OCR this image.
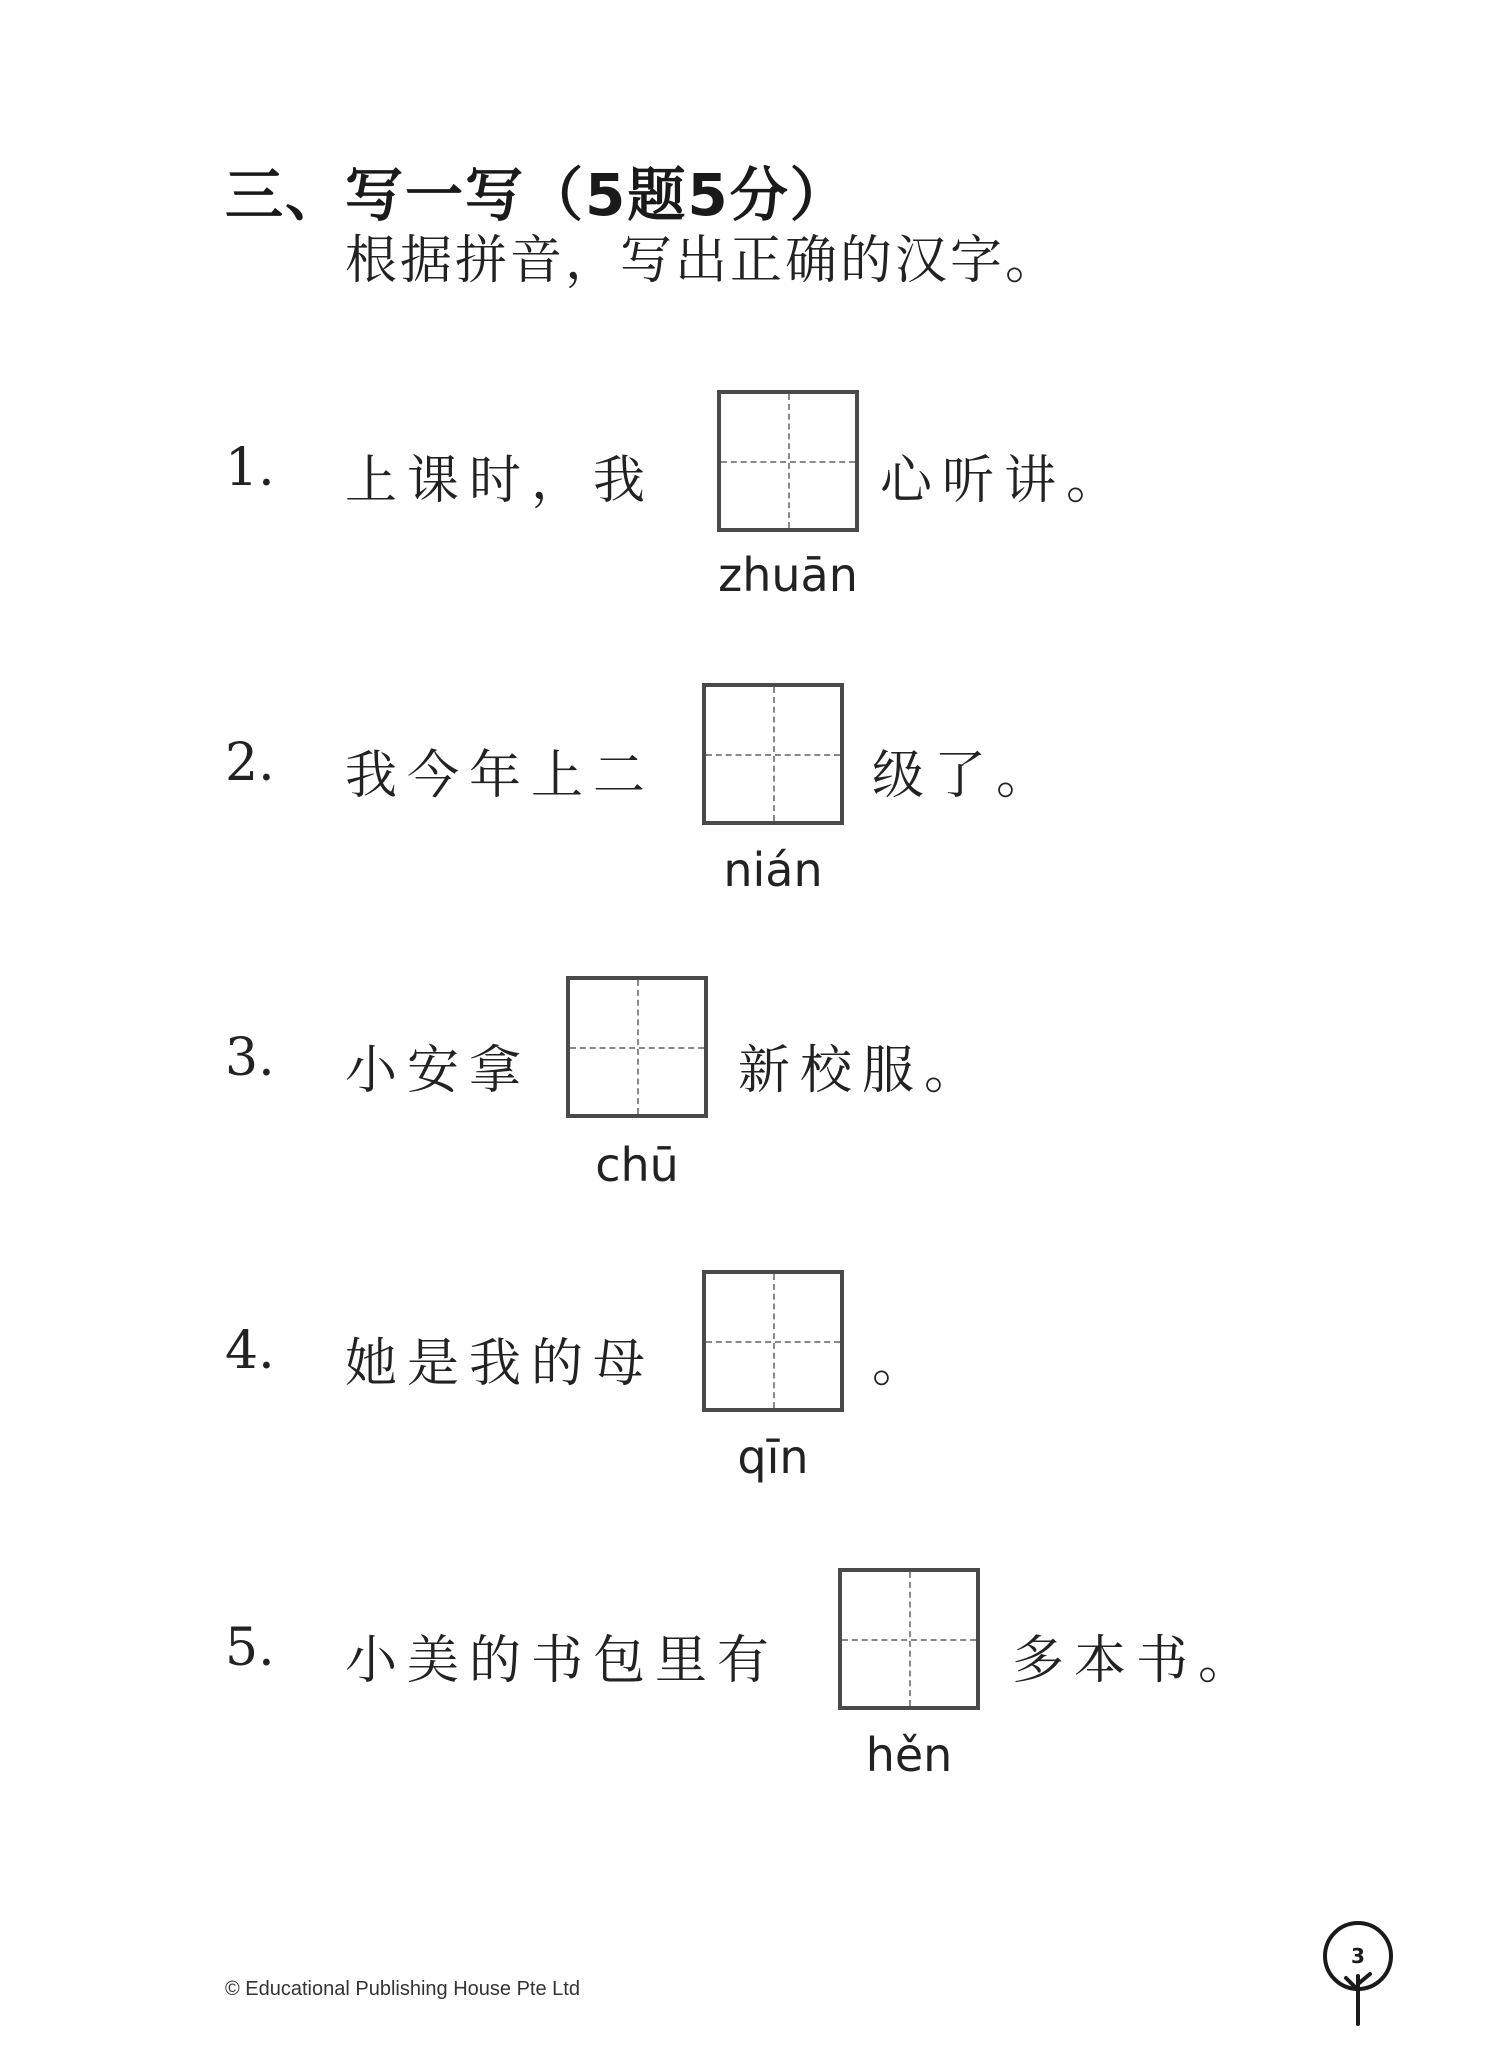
三、写一写（5题5分）
根据拼音，写出正确的汉字。
1. 上课时，我	心听讲。
zhuān
2. 我今年上二	级了。
nián
3. 小安拿	新校服。
chū
4. 她是我的母	。
qīn
5. 小美的书包里有	多本书。
hěn
© Educational Publishing House Pte Ltd
3
